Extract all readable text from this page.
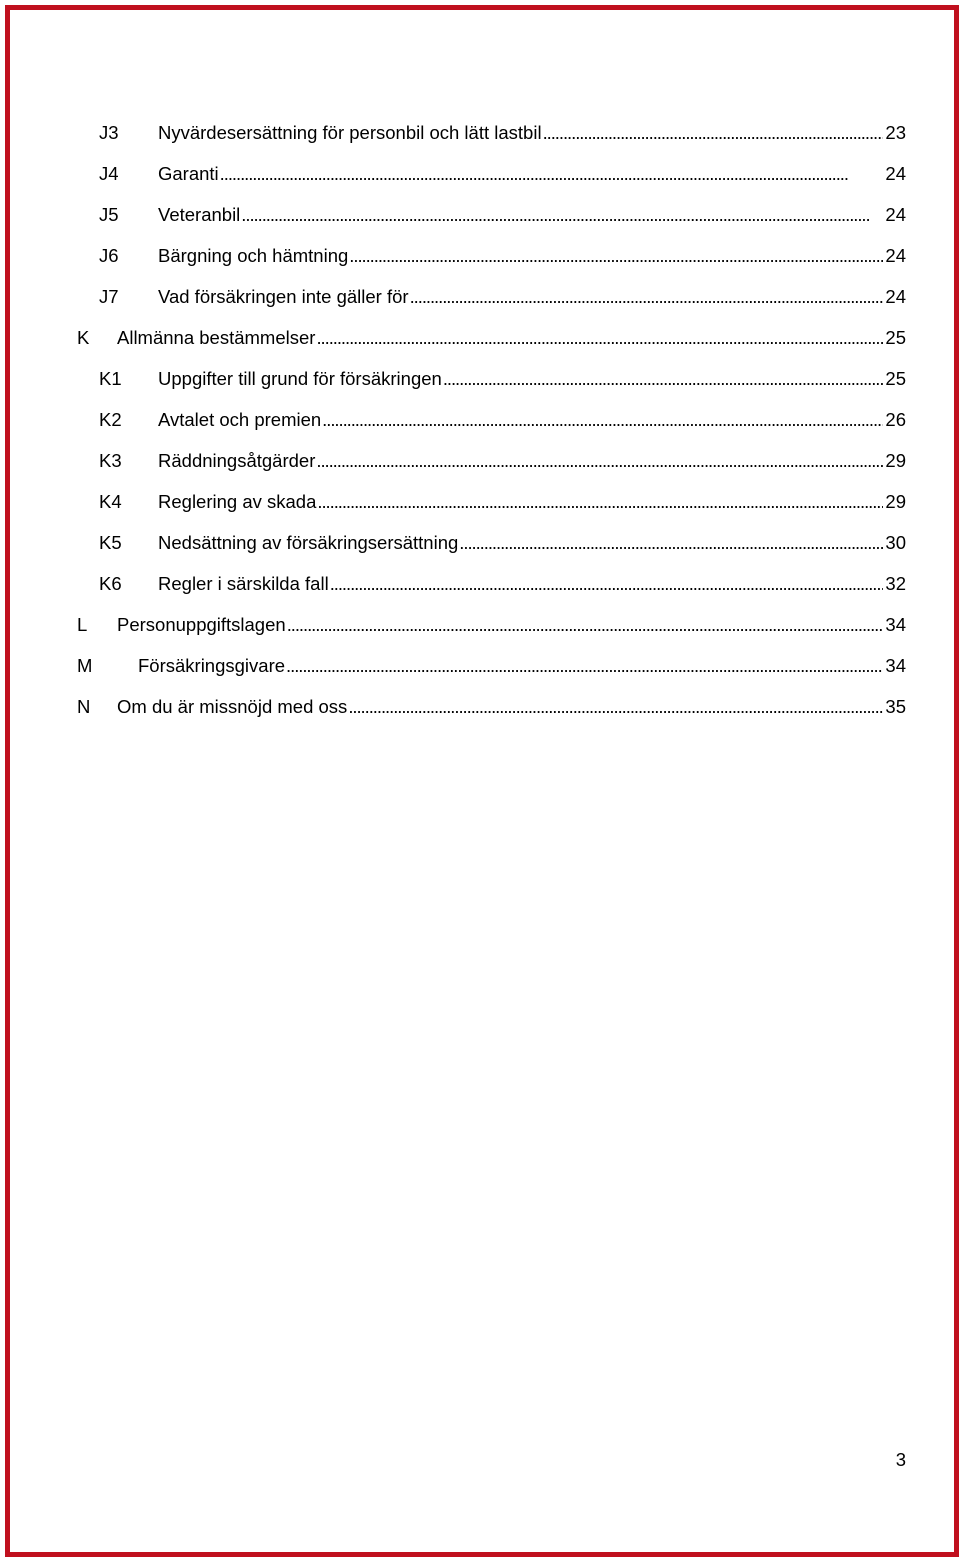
J3	Nyvärdesersättning för personbil och lätt lastbil . . .	23
J4	Garanti . . .	24
J5	Veteranbil . . .	24
J6	Bärgning och hämtning . . .	24
J7	Vad försäkringen inte gäller för . . .	24
K	Allmänna bestämmelser . . .	25
K1	Uppgifter till grund för försäkringen . . .	25
K2	Avtalet och premien . . .	26
K3	Räddningsåtgärder . . .	29
K4	Reglering av skada . . .	29
K5	Nedsättning av försäkringsersättning . . .	30
K6	Regler i särskilda fall . . .	32
L	Personuppgiftslagen . . .	34
M	Försäkringsgivare . . .	34
N	Om du är missnöjd med oss . . .	35
3
